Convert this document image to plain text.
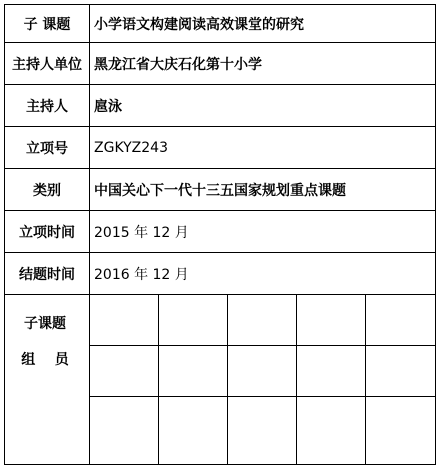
子 课题	小学语文构建阅读高效课堂的研究
主持人单位 黑龙江省大庆石化第十小学
主持人	扈泳
立项号	ZGKYZ243
类别	中国关心下一代十三五国家规划重点课题
立项时间	2015 年 12 月
结题时间	2016 年 12 月
子课题
组    员
